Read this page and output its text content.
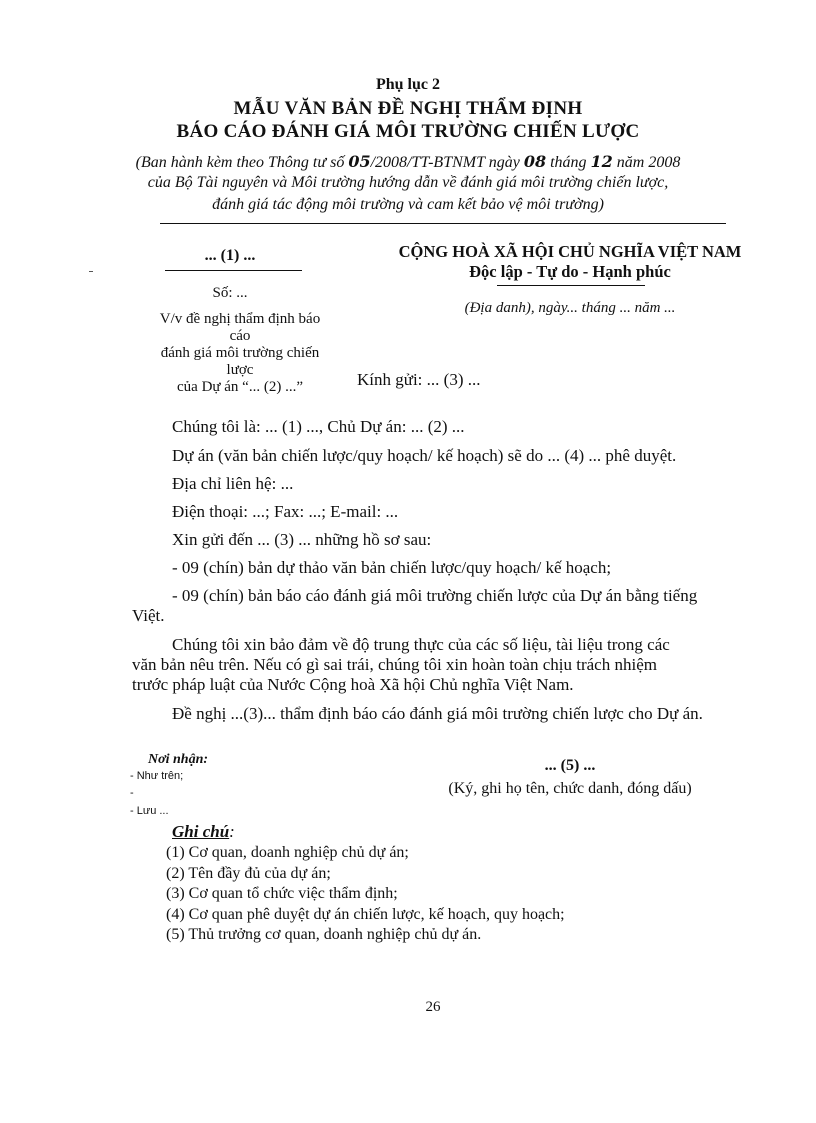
Phụ lục 2
MẪU VĂN BẢN ĐỀ NGHỊ THẨM ĐỊNH
BÁO CÁO ĐÁNH GIÁ MÔI TRƯỜNG CHIẾN LƯỢC
(Ban hành kèm theo Thông tư số 05/2008/TT-BTNMT ngày 08 tháng 12 năm 2008
của Bộ Tài nguyên và Môi trường hướng dẫn về đánh giá môi trường chiến lược,
đánh giá tác động môi trường và cam kết bảo vệ môi trường)
... (1) ...
Số: ...
V/v đề nghị thẩm định báo cáo
đánh giá môi trường chiến lược
của Dự án “... (2) ...”
CỘNG HOÀ XÃ HỘI CHỦ NGHĨA VIỆT NAM
Độc lập - Tự do - Hạnh phúc
(Địa danh), ngày... tháng ... năm ...
Kính gửi: ... (3) ...
Chúng tôi là: ... (1) ..., Chủ Dự án: ... (2) ...
Dự án (văn bản chiến lược/quy hoạch/ kế hoạch) sẽ do ... (4) ... phê duyệt.
Địa chỉ liên hệ: ...
Điện thoại: ...; Fax: ...; E-mail: ...
Xin gửi đến ... (3) ... những hồ sơ sau:
- 09 (chín) bản dự thảo văn bản chiến lược/quy hoạch/ kế hoạch;
- 09 (chín) bản báo cáo đánh giá môi trường chiến lược của Dự án bằng tiếng
Việt.
Chúng tôi xin bảo đảm về độ trung thực của các số liệu, tài liệu trong các
văn bản nêu trên. Nếu có gì sai trái, chúng tôi xin hoàn toàn chịu trách nhiệm
trước pháp luật của Nước Cộng hoà Xã hội Chủ nghĩa Việt Nam.
Đề nghị ...(3)... thẩm định báo cáo đánh giá môi trường chiến lược cho Dự án.
Nơi nhận:
- Như trên;
-
- Lưu ...
... (5) ...
(Ký, ghi họ tên, chức danh, đóng dấu)
Ghi chú:
(1) Cơ quan, doanh nghiệp chủ dự án;
(2) Tên đầy đủ của dự án;
(3) Cơ quan tổ chức việc thẩm định;
(4) Cơ quan phê duyệt dự án chiến lược, kế hoạch, quy hoạch;
(5) Thủ trưởng cơ quan, doanh nghiệp chủ dự án.
26
